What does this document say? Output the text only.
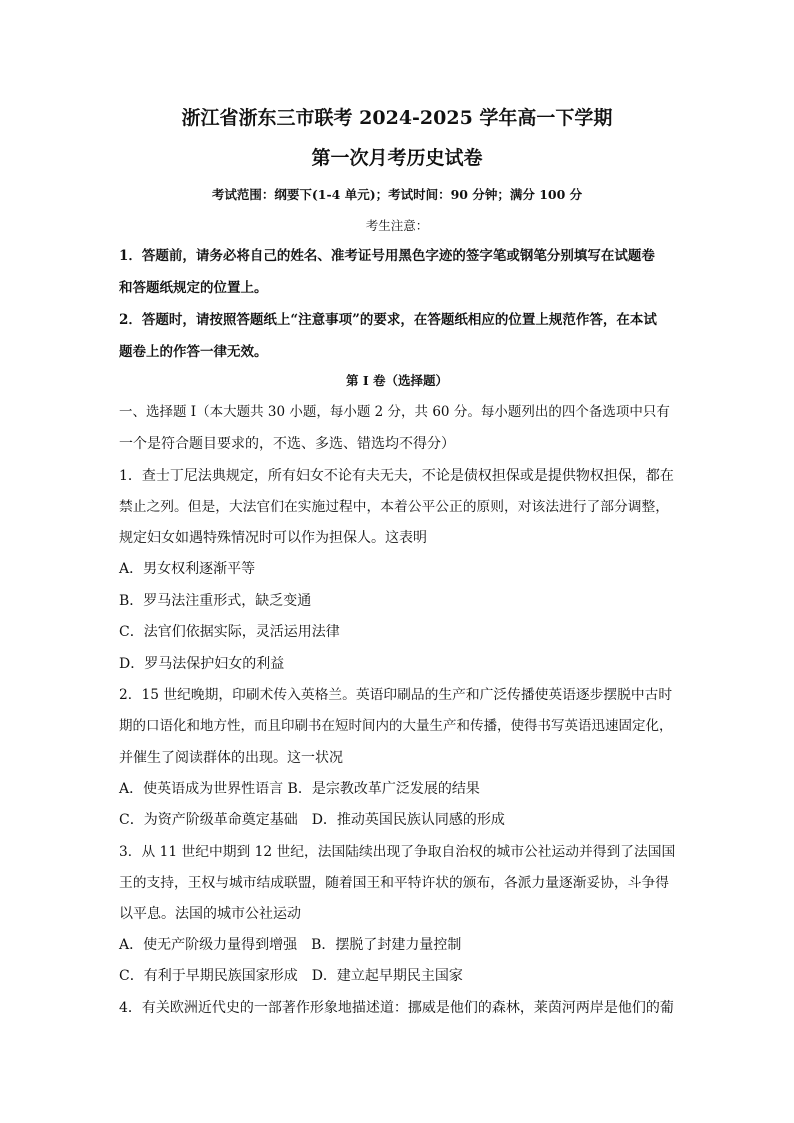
浙江省浙东三市联考 2024-2025 学年高一下学期
第一次月考历史试卷
考试范围：纲要下(1-4 单元)；考试时间：90 分钟；满分 100 分
考生注意：
1．答题前，请务必将自己的姓名、准考证号用黑色字迹的签字笔或钢笔分别填写在试题卷
和答题纸规定的位置上。
2．答题时，请按照答题纸上“注意事项”的要求，在答题纸相应的位置上规范作答，在本试
题卷上的作答一律无效。
第 I 卷（选择题）
一、选择题 I（本大题共 30 小题，每小题 2 分，共 60 分。每小题列出的四个备选项中只有
一个是符合题目要求的，不选、多选、错选均不得分）
1．查士丁尼法典规定，所有妇女不论有夫无夫，不论是债权担保或是提供物权担保，都在
禁止之列。但是，大法官们在实施过程中，本着公平公正的原则，对该法进行了部分调整，
规定妇女如遇特殊情况时可以作为担保人。这表明
A．男女权利逐渐平等
B．罗马法注重形式，缺乏变通
C．法官们依据实际，灵活运用法律
D．罗马法保护妇女的利益
2．15 世纪晚期，印刷术传入英格兰。英语印刷品的生产和广泛传播使英语逐步摆脱中古时
期的口语化和地方性，而且印刷书在短时间内的大量生产和传播，使得书写英语迅速固定化，
并催生了阅读群体的出现。这一状况
A．使英语成为世界性语言 B．是宗教改革广泛发展的结果
C．为资产阶级革命奠定基础　D．推动英国民族认同感的形成
3．从 11 世纪中期到 12 世纪，法国陆续出现了争取自治权的城市公社运动并得到了法国国
王的支持，王权与城市结成联盟，随着国王和平特许状的颁布，各派力量逐渐妥协，斗争得
以平息。法国的城市公社运动
A．使无产阶级力量得到增强　B．摆脱了封建力量控制
C．有利于早期民族国家形成　D．建立起早期民主国家
4．有关欧洲近代史的一部著作形象地描述道：挪威是他们的森林，莱茵河两岸是他们的葡
